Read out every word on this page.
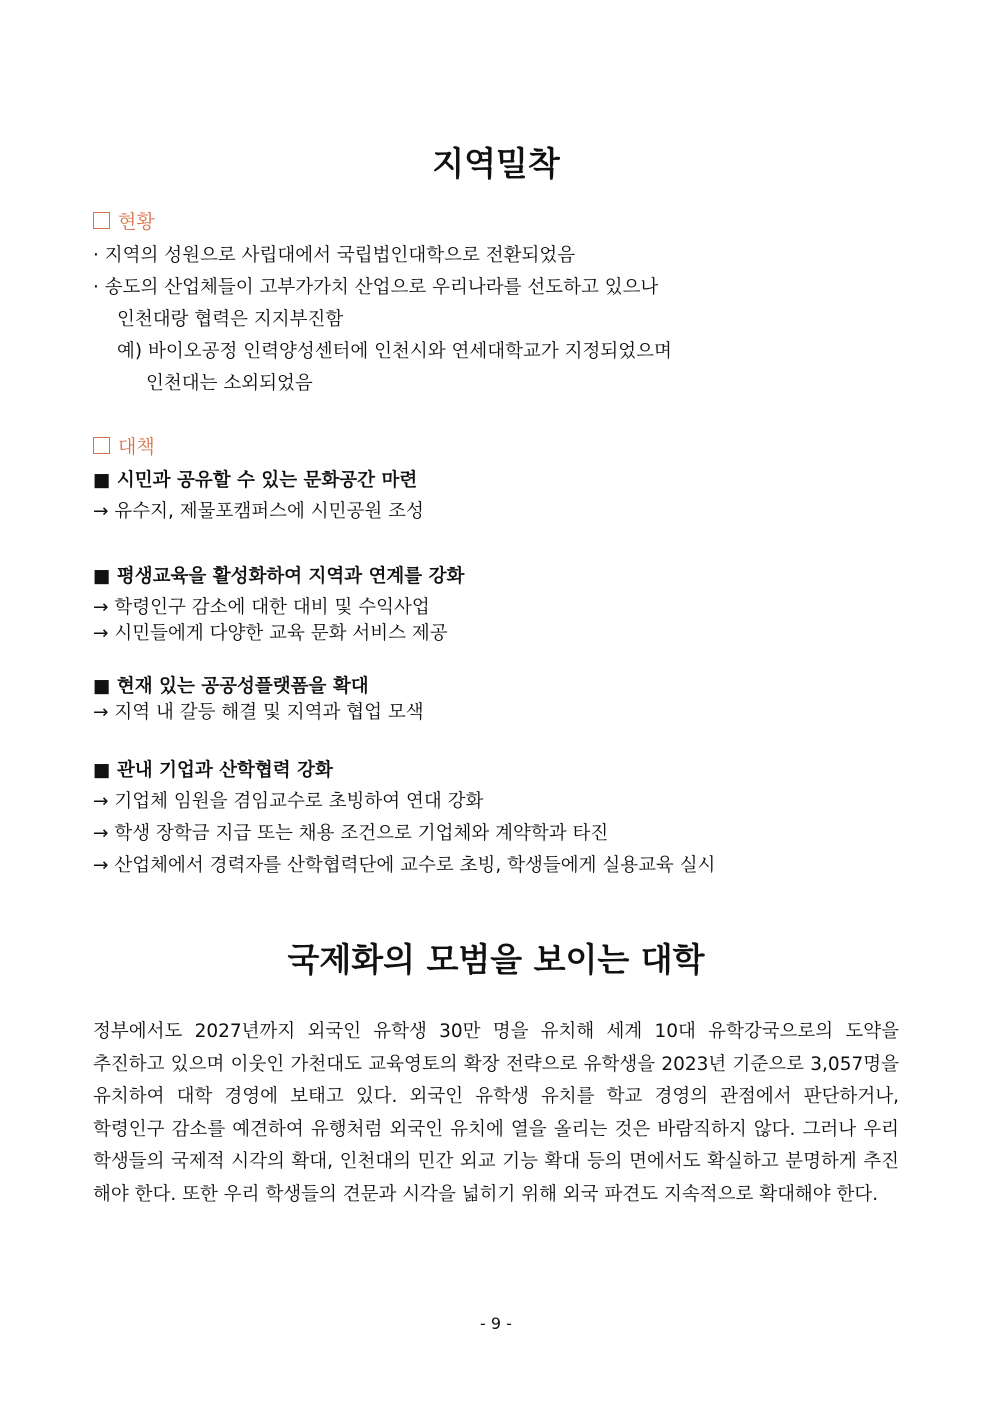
지역밀착
현황
· 지역의 성원으로 사립대에서 국립법인대학으로 전환되었음
· 송도의 산업체들이 고부가가치 산업으로 우리나라를 선도하고 있으나
인천대랑 협력은 지지부진함
예) 바이오공정 인력양성센터에 인천시와 연세대학교가 지정되었으며
인천대는 소외되었음
대책
■ 시민과 공유할 수 있는 문화공간 마련
→ 유수지, 제물포캠퍼스에 시민공원 조성
■ 평생교육을 활성화하여 지역과 연계를 강화
→ 학령인구 감소에 대한 대비 및 수익사업
→ 시민들에게 다양한 교육 문화 서비스 제공
■ 현재 있는 공공성플랫폼을 확대
→ 지역 내 갈등 해결 및 지역과 협업 모색
■ 관내 기업과 산학협력 강화
→ 기업체 임원을 겸임교수로 초빙하여 연대 강화
→ 학생 장학금 지급 또는 채용 조건으로 기업체와 계약학과 타진
→ 산업체에서 경력자를 산학협력단에 교수로 초빙, 학생들에게 실용교육 실시
국제화의 모범을 보이는 대학
정부에서도 2027년까지 외국인 유학생 30만 명을 유치해 세계 10대 유학강국으로의 도약을 추진하고 있으며 이웃인 가천대도 교육영토의 확장 전략으로 유학생을 2023년 기준으로 3,057명을 유치하여 대학 경영에 보태고 있다. 외국인 유학생 유치를 학교 경영의 관점에서 판단하거나, 학령인구 감소를 예견하여 유행처럼 외국인 유치에 열을 올리는 것은 바람직하지 않다. 그러나 우리 학생들의 국제적 시각의 확대, 인천대의 민간 외교 기능 확대 등의 면에서도 확실하고 분명하게 추진 해야 한다. 또한 우리 학생들의 견문과 시각을 넓히기 위해 외국 파견도 지속적으로 확대해야 한다.
- 9 -
